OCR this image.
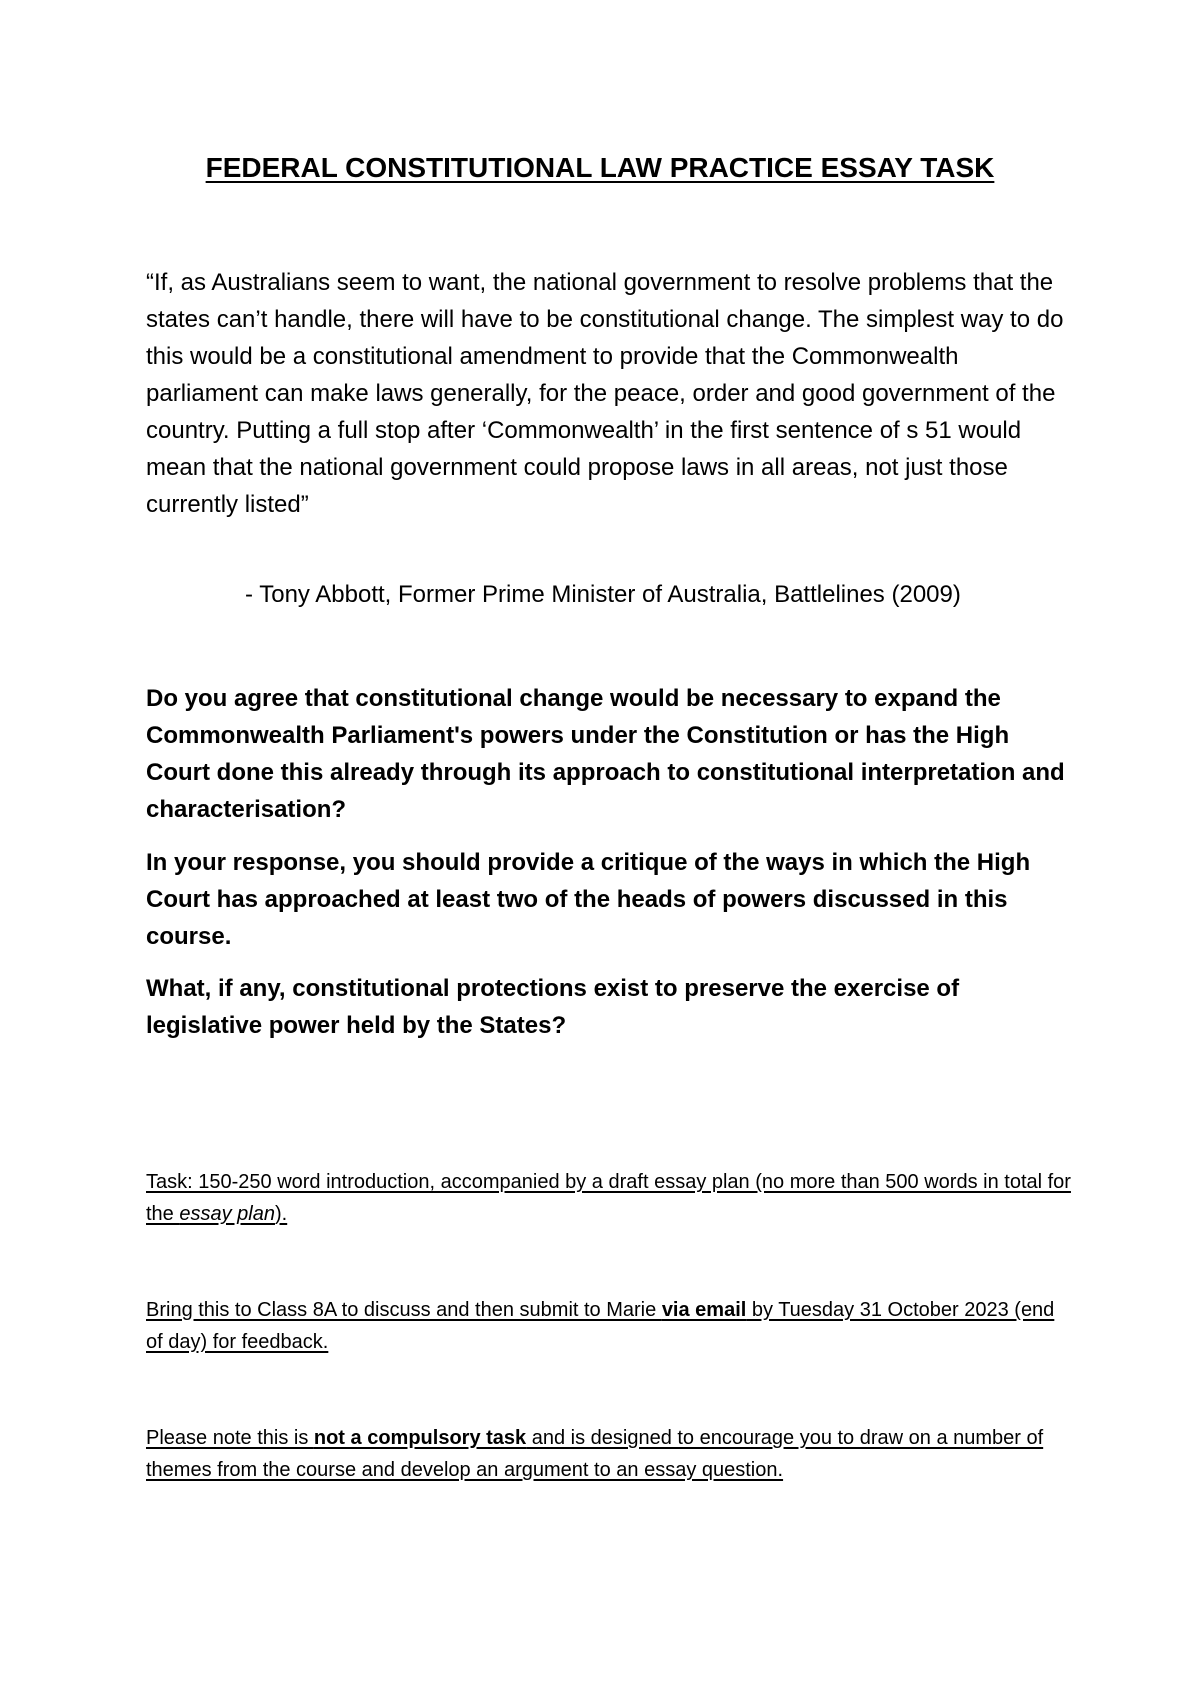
FEDERAL CONSTITUTIONAL LAW PRACTICE ESSAY TASK

“If, as Australians seem to want, the national government to resolve problems that the states can’t handle, there will have to be constitutional change. The simplest way to do this would be a constitutional amendment to provide that the Commonwealth parliament can make laws generally, for the peace, order and good government of the country. Putting a full stop after ‘Commonwealth’ in the first sentence of s 51 would mean that the national government could propose laws in all areas, not just those currently listed”

- Tony Abbott, Former Prime Minister of Australia, Battlelines (2009)

Do you agree that constitutional change would be necessary to expand the Commonwealth Parliament's powers under the Constitution or has the High Court done this already through its approach to constitutional interpretation and characterisation?

In your response, you should provide a critique of the ways in which the High Court has approached at least two of the heads of powers discussed in this course.

What, if any, constitutional protections exist to preserve the exercise of legislative power held by the States?

Task: 150-250 word introduction, accompanied by a draft essay plan (no more than 500 words in total for the essay plan).

Bring this to Class 8A to discuss and then submit to Marie via email by Tuesday 31 October 2023 (end of day) for feedback.

Please note this is not a compulsory task and is designed to encourage you to draw on a number of themes from the course and develop an argument to an essay question.
